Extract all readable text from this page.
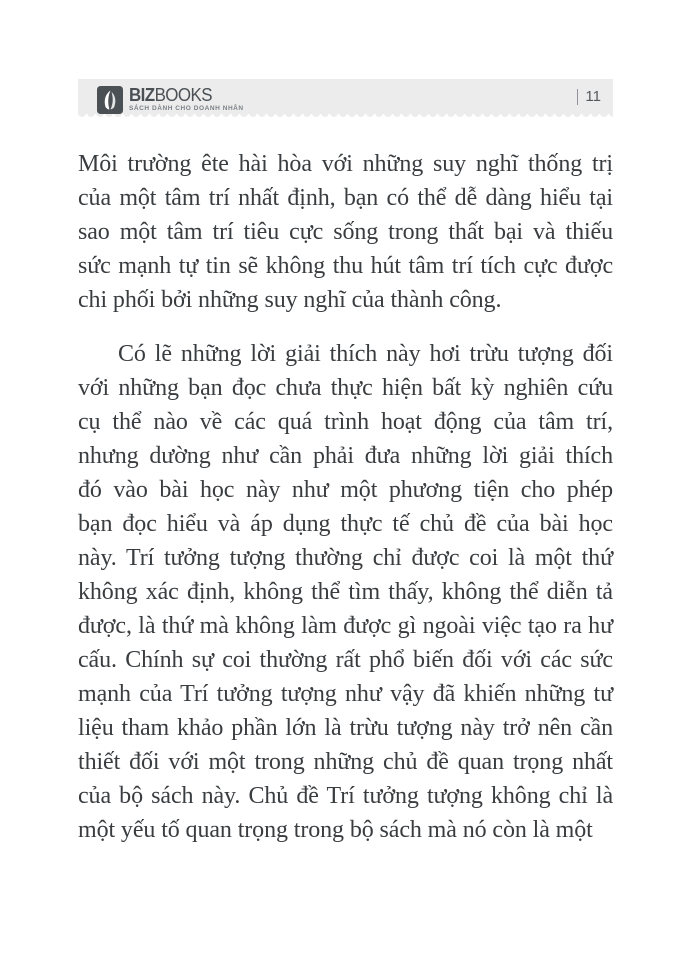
BIZBOOKS
SÁCH DÀNH CHO DOANH NHÂN
11
Môi trường ête hài hòa với những suy nghĩ thống trị
của một tâm trí nhất định, bạn có thể dễ dàng hiểu tại
sao một tâm trí tiêu cực sống trong thất bại và thiếu
sức mạnh tự tin sẽ không thu hút tâm trí tích cực được
chi phối bởi những suy nghĩ của thành công.
Có lẽ những lời giải thích này hơi trừu tượng đối
với những bạn đọc chưa thực hiện bất kỳ nghiên cứu
cụ thể nào về các quá trình hoạt động của tâm trí,
nhưng dường như cần phải đưa những lời giải thích
đó vào bài học này như một phương tiện cho phép
bạn đọc hiểu và áp dụng thực tế chủ đề của bài học
này. Trí tưởng tượng thường chỉ được coi là một thứ
không xác định, không thể tìm thấy, không thể diễn tả
được, là thứ mà không làm được gì ngoài việc tạo ra hư
cấu. Chính sự coi thường rất phổ biến đối với các sức
mạnh của Trí tưởng tượng như vậy đã khiến những tư
liệu tham khảo phần lớn là trừu tượng này trở nên cần
thiết đối với một trong những chủ đề quan trọng nhất
của bộ sách này. Chủ đề Trí tưởng tượng không chỉ là
một yếu tố quan trọng trong bộ sách mà nó còn là một
